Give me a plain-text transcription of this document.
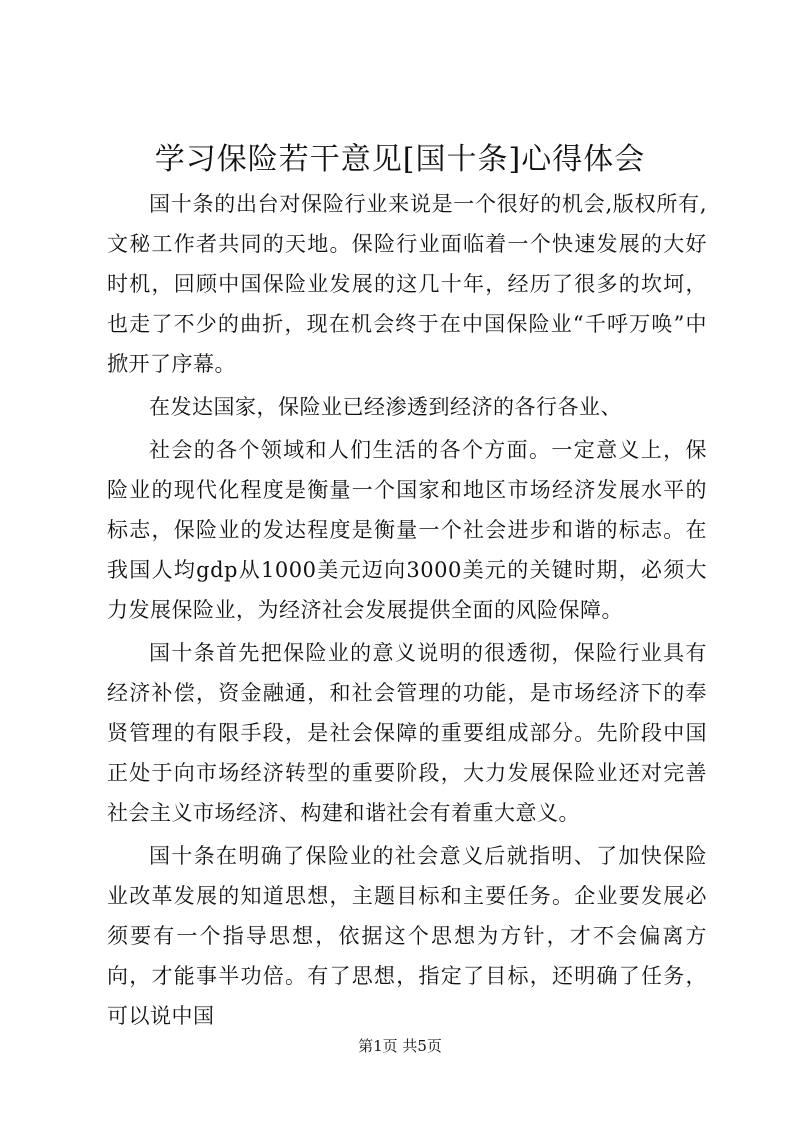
学习保险若干意见[国十条]心得体会

国十条的出台对保险行业来说是一个很好的机会,版权所有,文秘工作者共同的天地。保险行业面临着一个快速发展的大好时机，回顾中国保险业发展的这几十年，经历了很多的坎坷，也走了不少的曲折，现在机会终于在中国保险业“千呼万唤”中掀开了序幕。

在发达国家，保险业已经渗透到经济的各行各业、

社会的各个领域和人们生活的各个方面。一定意义上，保险业的现代化程度是衡量一个国家和地区市场经济发展水平的标志，保险业的发达程度是衡量一个社会进步和谐的标志。在我国人均gdp从1000美元迈向3000美元的关键时期，必须大力发展保险业，为经济社会发展提供全面的风险保障。

国十条首先把保险业的意义说明的很透彻，保险行业具有经济补偿，资金融通，和社会管理的功能，是市场经济下的奉贤管理的有限手段，是社会保障的重要组成部分。先阶段中国正处于向市场经济转型的重要阶段，大力发展保险业还对完善社会主义市场经济、构建和谐社会有着重大意义。

国十条在明确了保险业的社会意义后就指明、了加快保险业改革发展的知道思想，主题目标和主要任务。企业要发展必须要有一个指导思想，依据这个思想为方针，才不会偏离方向，才能事半功倍。有了思想，指定了目标，还明确了任务，可以说中国

第1页 共5页
